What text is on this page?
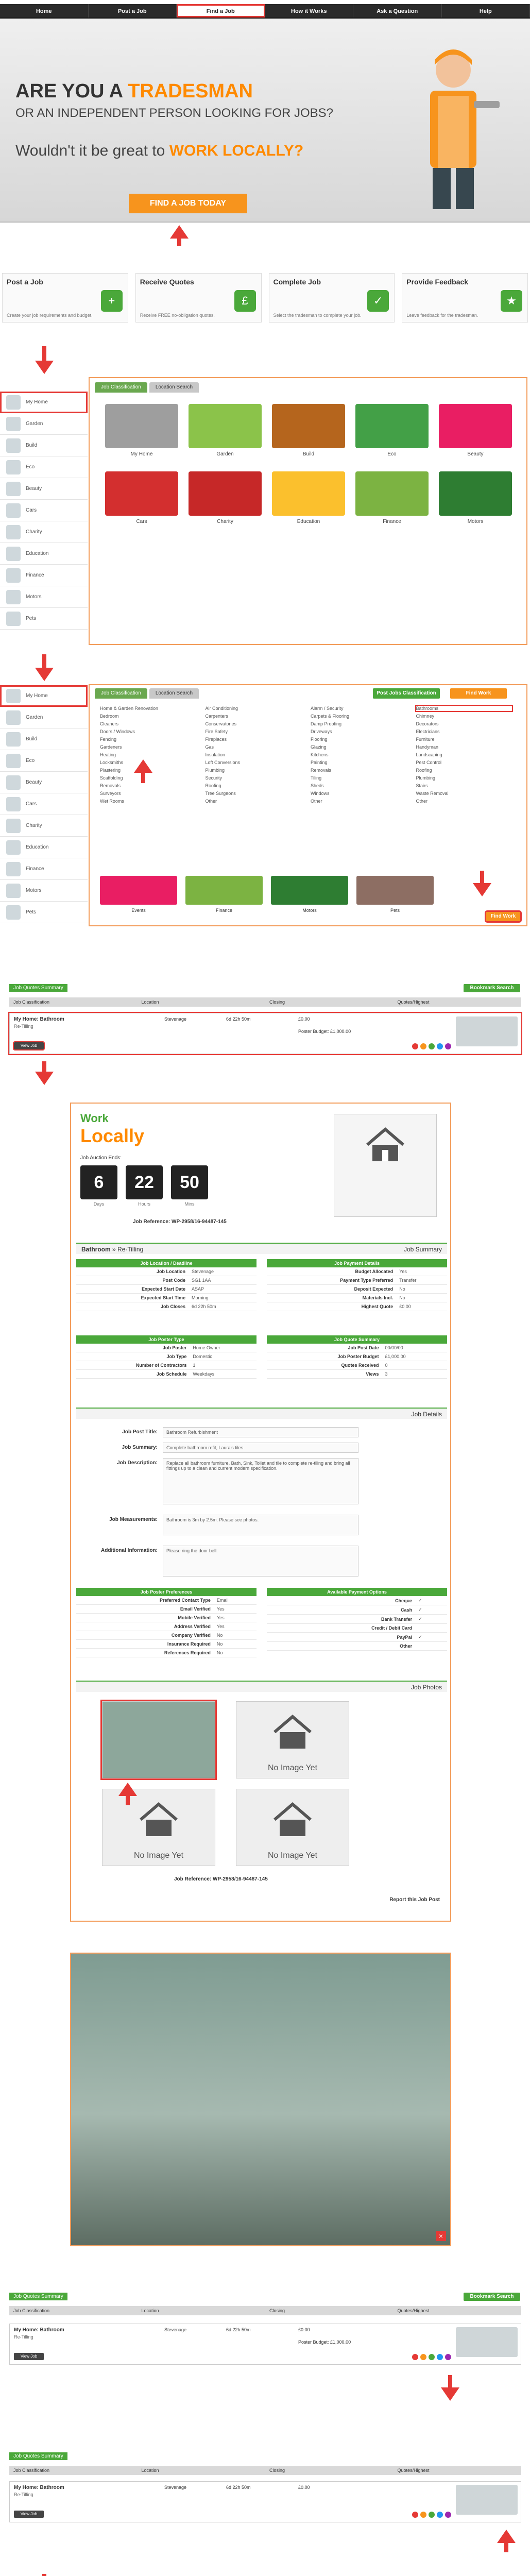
Home	Post a Job	Find a Job	How it Works	Ask a Question	Help
ARE YOU A TRADESMAN
OR AN INDEPENDENT PERSON LOOKING FOR JOBS?
Wouldn't it be great to WORK LOCALLY?
FIND A JOB TODAY
Post a Job
Create your job requirements and budget.
+
Receive Quotes
Receive FREE no-obligation quotes.
£
Complete Job
Select the tradesman to complete your job.
✓
Provide Feedback
Leave feedback for the tradesman.
★
My Home
Garden
Build
Eco
Beauty
Cars
Charity
Education
Finance
Motors
Pets
Job Classification	Location Search
My Home	Garden	Build	Eco	Beauty
Cars	Charity	Education	Finance	Motors
My Home
Garden
Build
Eco
Beauty
Cars
Charity
Education
Finance
Motors
Pets
Job Classification	Location Search	Post Jobs Classification	Find Work
Home & Garden Renovation	Air Conditioning	Alarm / Security	Bathrooms
Bedroom	Carpenters	Carpets & Flooring	Chimney
Cleaners	Conservatories	Damp Proofing	Decorators
Doors / Windows	Fire Safety	Driveways	Electricians
Fencing	Fireplaces	Flooring	Furniture
Gardeners	Gas	Glazing	Handyman
Heating	Insulation	Kitchens	Landscaping
Locksmiths	Loft Conversions	Painting	Pest Control
Plastering	Plumbing	Removals	Roofing
Scaffolding	Security	Tiling	Plumbing
Removals	Roofing	Sheds	Stairs
Surveyors	Tree Surgeons	Windows	Waste Removal
Wet Rooms	Other	Other	Other
Events	Finance	Motors	Pets
Find Work
Job Quotes Summary	Bookmark Search
Job Classification	Location	Closing	Quotes/Highest
My Home: Bathroom
Re-Tilling
Stevenage	6d 22h 50m	£0.00
Poster Budget: £1,000.00
View Job
Work
Locally
Job Auction Ends:
6	22	50
Days	Hours	Mins
Job Reference: WP-2958/16-94487-145
Bathroom » Re-Tilling	Job Summary
Job Location / Deadline	
Job Location	Stevenage
Post Code	SG1 1AA
Expected Start Date	ASAP
Expected Start Time	Morning
Job Closes	6d 22h 50m
Job Payment Details	
Budget Allocated	Yes
Payment Type Preferred	Transfer
Deposit Expected	No
Materials Incl.	No
Highest Quote	£0.00
Job Poster Type	
Job Poster	Home Owner
Job Type	Domestic
Number of Contractors	1
Job Schedule	Weekdays
Job Quote Summary	
Job Post Date	00/00/00
Job Poster Budget	£1,000.00
Quotes Received	0
Views	3
Job Details
Job Poster Preferences	
Preferred Contact Type	Email
Email Verified	Yes
Mobile Verified	Yes
Address Verified	Yes
Company Verified	No
Insurance Required	No
References Required	No
Available Payment Options	
Cheque	✓
Cash	✓
Bank Transfer	✓
Credit / Debit Card	
PayPal	✓
Other	
Job Photos
No Image Yet
No Image Yet	No Image Yet
Job Reference: WP-2958/16-94487-145
Report this Job Post
×
Job Quotes Summary	Bookmark Search
Job Classification	Location	Closing	Quotes/Highest
My Home: Bathroom
Re-Tilling
Stevenage	6d 22h 50m	£0.00
Poster Budget: £1,000.00
View Job
Job Quotes Summary
Job Classification	Location	Closing	Quotes/Highest
My Home: Bathroom
Re-Tilling
Stevenage	6d 22h 50m	£0.00
View Job
Job Post Title:	Bathroom Refurbishment
Job Summary:	Complete bathroom refit, Laura's tiles
Job Description:	Replace all bathroom furniture, Bath, Sink, Toilet and tile to complete re-tiling and bring all fittings up to a clean and current modern specification.
Job Measurements:	Bathroom is 3m by 2.5m. Please see photos.
Additional Information:	Please ring the door bell.
